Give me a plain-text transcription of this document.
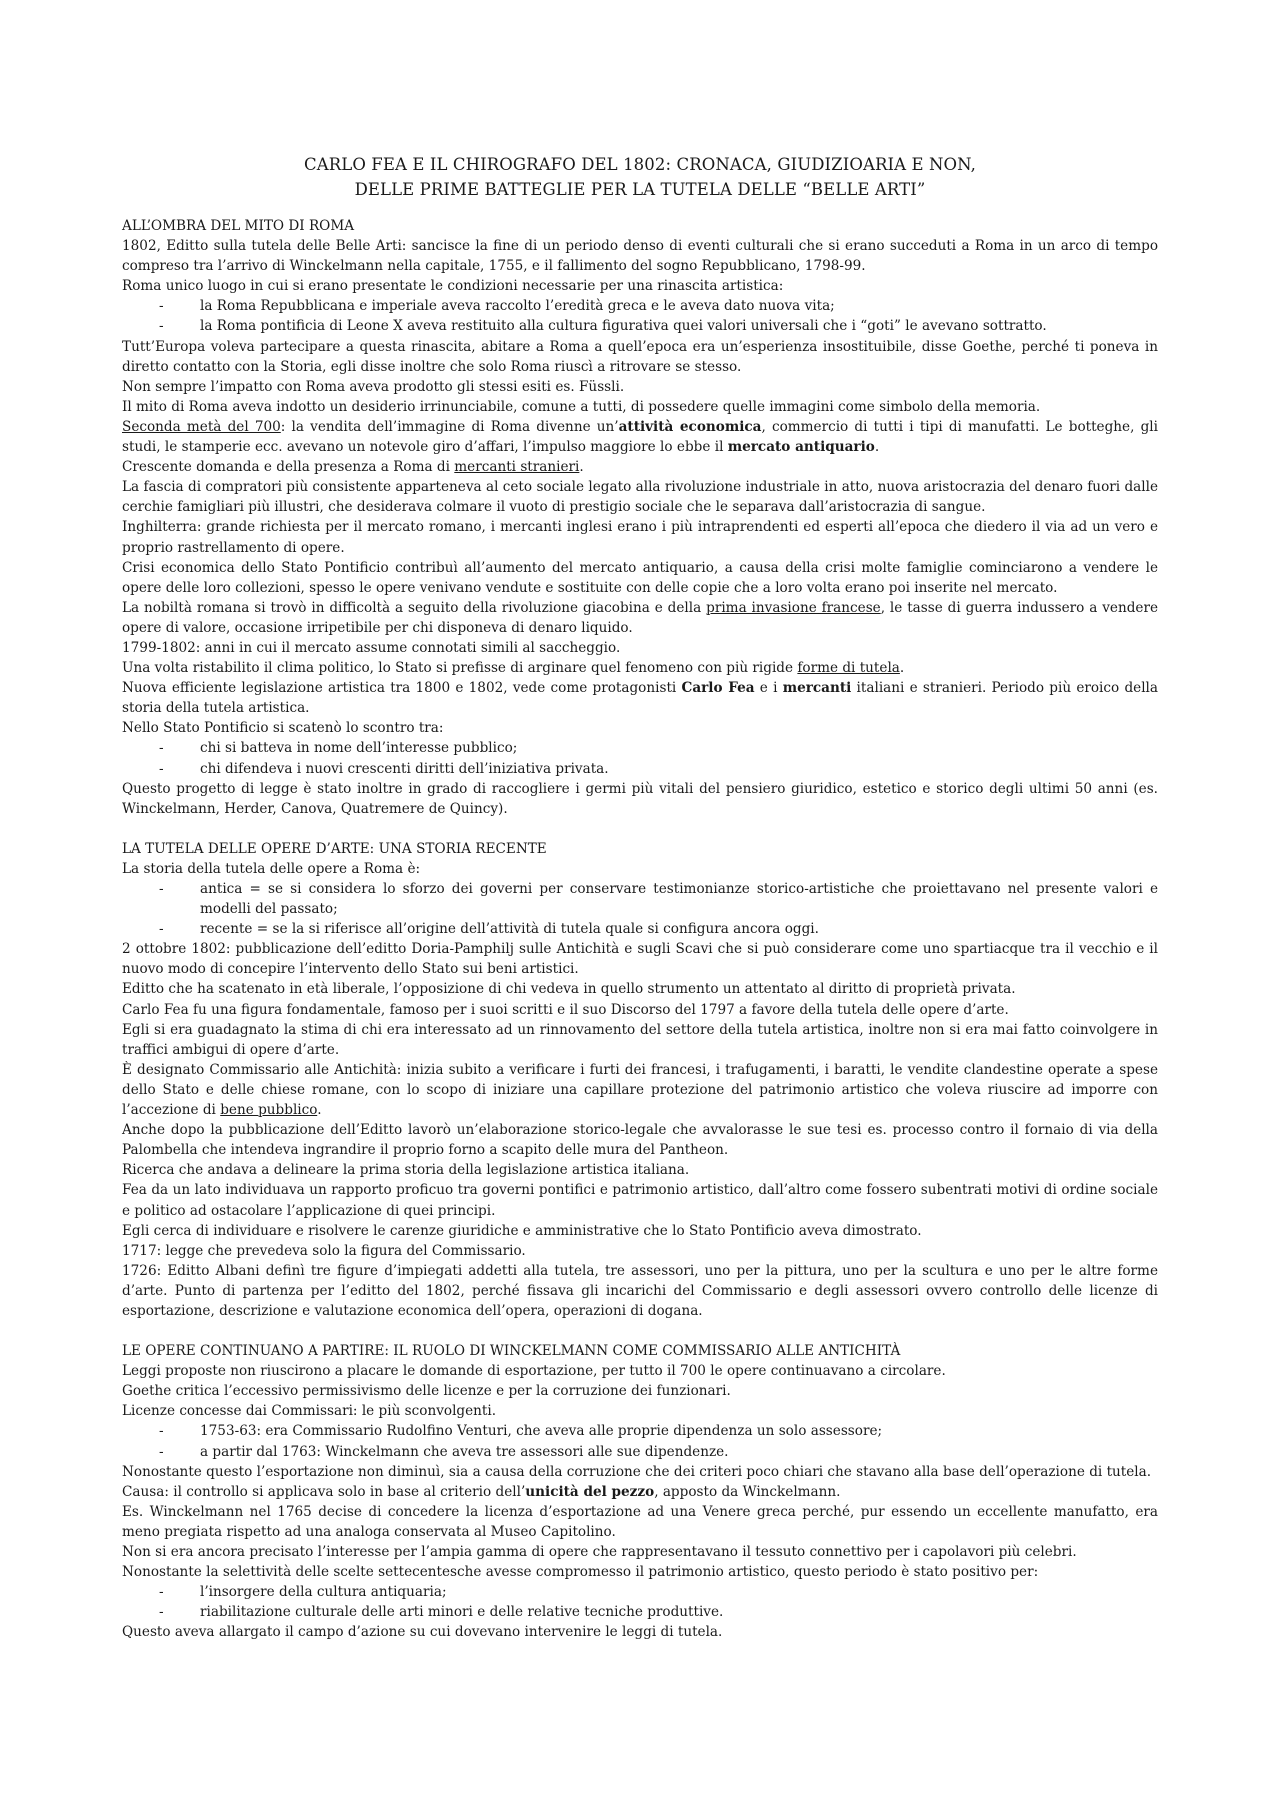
CARLO FEA E IL CHIROGRAFO DEL 1802: CRONACA, GIUDIZIOARIA E NON,
DELLE PRIME BATTEGLIE PER LA TUTELA DELLE “BELLE ARTI”

ALL’OMBRA DEL MITO DI ROMA

1802, Editto sulla tutela delle Belle Arti: sancisce la fine di un periodo denso di eventi culturali che si erano succeduti a Roma in un arco di tempo compreso tra l’arrivo di Winckelmann nella capitale, 1755, e il fallimento del sogno Repubblicano, 1798-99.

Roma unico luogo in cui si erano presentate le condizioni necessarie per una rinascita artistica:

- la Roma Repubblicana e imperiale aveva raccolto l’eredità greca e le aveva dato nuova vita;
- la Roma pontificia di Leone X aveva restituito alla cultura figurativa quei valori universali che i “goti” le avevano sottratto.

Tutt’Europa voleva partecipare a questa rinascita, abitare a Roma a quell’epoca era un’esperienza insostituibile, disse Goethe, perché ti poneva in diretto contatto con la Storia, egli disse inoltre che solo Roma riuscì a ritrovare se stesso.

Non sempre l’impatto con Roma aveva prodotto gli stessi esiti es. Füssli.

Il mito di Roma aveva indotto un desiderio irrinunciabile, comune a tutti, di possedere quelle immagini come simbolo della memoria.

Seconda metà del 700: la vendita dell’immagine di Roma divenne un’attività economica, commercio di tutti i tipi di manufatti. Le botteghe, gli studi, le stamperie ecc. avevano un notevole giro d’affari, l’impulso maggiore lo ebbe il mercato antiquario.

Crescente domanda e della presenza a Roma di mercanti stranieri.

La fascia di compratori più consistente apparteneva al ceto sociale legato alla rivoluzione industriale in atto, nuova aristocrazia del denaro fuori dalle cerchie famigliari più illustri, che desiderava colmare il vuoto di prestigio sociale che le separava dall’aristocrazia di sangue.

Inghilterra: grande richiesta per il mercato romano, i mercanti inglesi erano i più intraprendenti ed esperti all’epoca che diedero il via ad un vero e proprio rastrellamento di opere.

Crisi economica dello Stato Pontificio contribuì all’aumento del mercato antiquario, a causa della crisi molte famiglie cominciarono a vendere le opere delle loro collezioni, spesso le opere venivano vendute e sostituite con delle copie che a loro volta erano poi inserite nel mercato.

La nobiltà romana si trovò in difficoltà a seguito della rivoluzione giacobina e della prima invasione francese, le tasse di guerra indussero a vendere opere di valore, occasione irripetibile per chi disponeva di denaro liquido.

1799-1802: anni in cui il mercato assume connotati simili al saccheggio.

Una volta ristabilito il clima politico, lo Stato si prefisse di arginare quel fenomeno con più rigide forme di tutela.

Nuova efficiente legislazione artistica tra 1800 e 1802, vede come protagonisti Carlo Fea e i mercanti italiani e stranieri. Periodo più eroico della storia della tutela artistica.

Nello Stato Pontificio si scatenò lo scontro tra:

- chi si batteva in nome dell’interesse pubblico;
- chi difendeva i nuovi crescenti diritti dell’iniziativa privata.

Questo progetto di legge è stato inoltre in grado di raccogliere i germi più vitali del pensiero giuridico, estetico e storico degli ultimi 50 anni (es. Winckelmann, Herder, Canova, Quatremere de Quincy).

LA TUTELA DELLE OPERE D’ARTE: UNA STORIA RECENTE

La storia della tutela delle opere a Roma è:

- antica = se si considera lo sforzo dei governi per conservare testimonianze storico-artistiche che proiettavano nel presente valori e modelli del passato;
- recente = se la si riferisce all’origine dell’attività di tutela quale si configura ancora oggi.

2 ottobre 1802: pubblicazione dell’editto Doria-Pamphilj sulle Antichità e sugli Scavi che si può considerare come uno spartiacque tra il vecchio e il nuovo modo di concepire l’intervento dello Stato sui beni artistici.

Editto che ha scatenato in età liberale, l’opposizione di chi vedeva in quello strumento un attentato al diritto di proprietà privata.

Carlo Fea fu una figura fondamentale, famoso per i suoi scritti e il suo Discorso del 1797 a favore della tutela delle opere d’arte.

Egli si era guadagnato la stima di chi era interessato ad un rinnovamento del settore della tutela artistica, inoltre non si era mai fatto coinvolgere in traffici ambigui di opere d’arte.

È designato Commissario alle Antichità: inizia subito a verificare i furti dei francesi, i trafugamenti, i baratti, le vendite clandestine operate a spese dello Stato e delle chiese romane, con lo scopo di iniziare una capillare protezione del patrimonio artistico che voleva riuscire ad imporre con l’accezione di bene pubblico.

Anche dopo la pubblicazione dell’Editto lavorò un’elaborazione storico-legale che avvalorasse le sue tesi es. processo contro il fornaio di via della Palombella che intendeva ingrandire il proprio forno a scapito delle mura del Pantheon.

Ricerca che andava a delineare la prima storia della legislazione artistica italiana.

Fea da un lato individuava un rapporto proficuo tra governi pontifici e patrimonio artistico, dall’altro come fossero subentrati motivi di ordine sociale e politico ad ostacolare l’applicazione di quei principi.

Egli cerca di individuare e risolvere le carenze giuridiche e amministrative che lo Stato Pontificio aveva dimostrato.

1717: legge che prevedeva solo la figura del Commissario.

1726: Editto Albani definì tre figure d’impiegati addetti alla tutela, tre assessori, uno per la pittura, uno per la scultura e uno per le altre forme d’arte. Punto di partenza per l’editto del 1802, perché fissava gli incarichi del Commissario e degli assessori ovvero controllo delle licenze di esportazione, descrizione e valutazione economica dell’opera, operazioni di dogana.

LE OPERE CONTINUANO A PARTIRE: IL RUOLO DI WINCKELMANN COME COMMISSARIO ALLE ANTICHITÀ

Leggi proposte non riuscirono a placare le domande di esportazione, per tutto il 700 le opere continuavano a circolare.

Goethe critica l’eccessivo permissivismo delle licenze e per la corruzione dei funzionari.

Licenze concesse dai Commissari: le più sconvolgenti.

- 1753-63: era Commissario Rudolfino Venturi, che aveva alle proprie dipendenza un solo assessore;
- a partir dal 1763: Winckelmann che aveva tre assessori alle sue dipendenze.

Nonostante questo l’esportazione non diminuì, sia a causa della corruzione che dei criteri poco chiari che stavano alla base dell’operazione di tutela.

Causa: il controllo si applicava solo in base al criterio dell’unicità del pezzo, apposto da Winckelmann.

Es. Winckelmann nel 1765 decise di concedere la licenza d’esportazione ad una Venere greca perché, pur essendo un eccellente manufatto, era meno pregiata rispetto ad una analoga conservata al Museo Capitolino.

Non si era ancora precisato l’interesse per l’ampia gamma di opere che rappresentavano il tessuto connettivo per i capolavori più celebri.

Nonostante la selettività delle scelte settecentesche avesse compromesso il patrimonio artistico, questo periodo è stato positivo per:

- l’insorgere della cultura antiquaria;
- riabilitazione culturale delle arti minori e delle relative tecniche produttive.

Questo aveva allargato il campo d’azione su cui dovevano intervenire le leggi di tutela.
